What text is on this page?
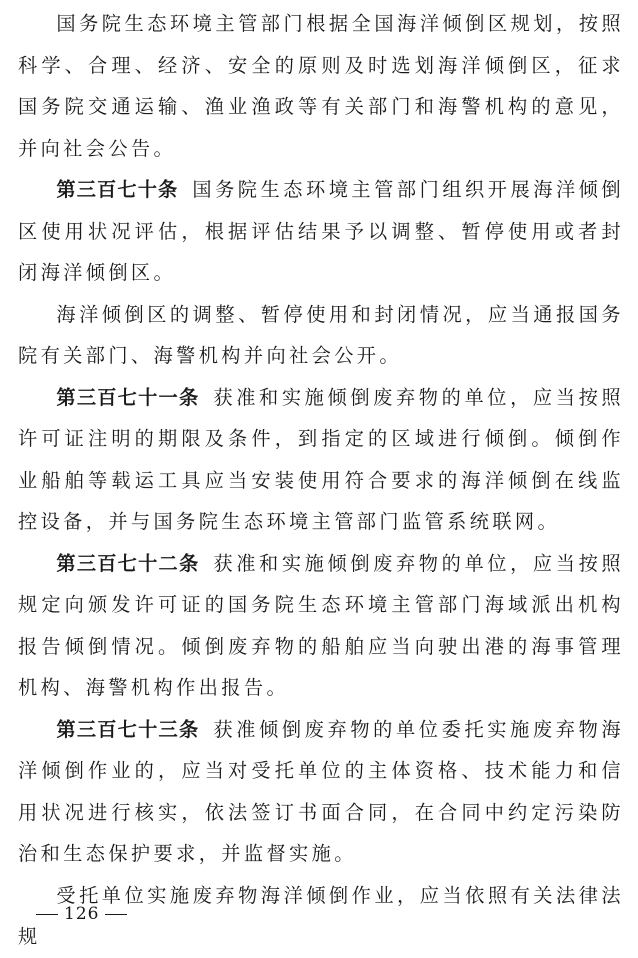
国务院生态环境主管部门根据全国海洋倾倒区规划，按照科学、合理、经济、安全的原则及时选划海洋倾倒区，征求国务院交通运输、渔业渔政等有关部门和海警机构的意见，并向社会公告。

第三百七十条 国务院生态环境主管部门组织开展海洋倾倒区使用状况评估，根据评估结果予以调整、暂停使用或者封闭海洋倾倒区。

海洋倾倒区的调整、暂停使用和封闭情况，应当通报国务院有关部门、海警机构并向社会公开。

第三百七十一条 获准和实施倾倒废弃物的单位，应当按照许可证注明的期限及条件，到指定的区域进行倾倒。倾倒作业船舶等载运工具应当安装使用符合要求的海洋倾倒在线监控设备，并与国务院生态环境主管部门监管系统联网。

第三百七十二条 获准和实施倾倒废弃物的单位，应当按照规定向颁发许可证的国务院生态环境主管部门海域派出机构报告倾倒情况。倾倒废弃物的船舶应当向驶出港的海事管理机构、海警机构作出报告。

第三百七十三条 获准倾倒废弃物的单位委托实施废弃物海洋倾倒作业的，应当对受托单位的主体资格、技术能力和信用状况进行核实，依法签订书面合同，在合同中约定污染防治和生态保护要求，并监督实施。

受托单位实施废弃物海洋倾倒作业，应当依照有关法律法规

126
